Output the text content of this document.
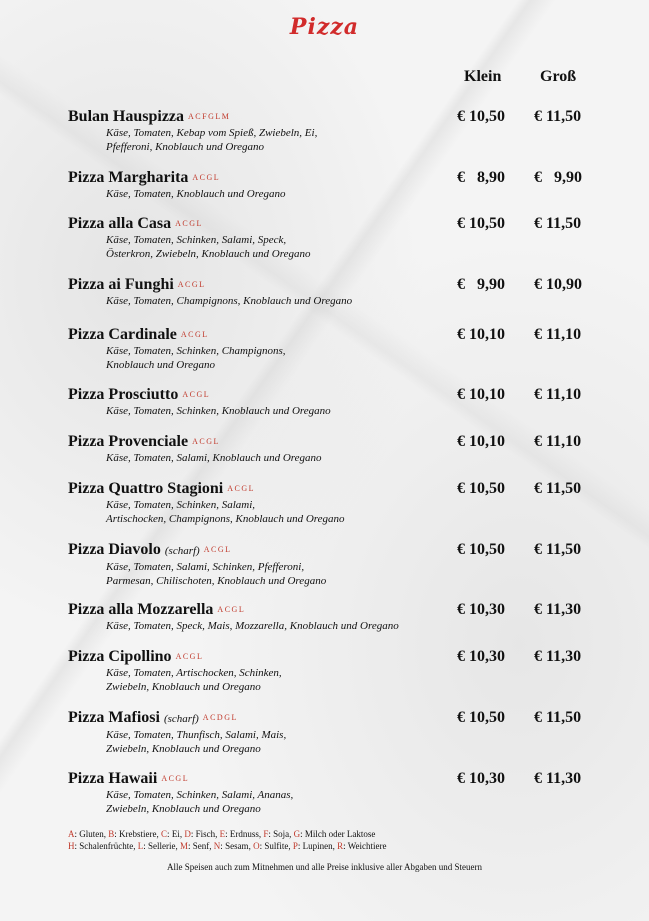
Pizza
Klein Groß
Bulan Hauspizza $^{ACFGLM}$
Käse, Tomaten, Kebap vom Spieß, Zwiebeln, Ei,
Pfefferoni, Knoblauch und Oregano
€ 10,50 € 11,50
Pizza Margharita $^{ACGL}$
Käse, Tomaten, Knoblauch und Oregano
€   8,90 €   9,90
Pizza alla Casa $^{ACGL}$
Käse, Tomaten, Schinken, Salami, Speck,
Österkron, Zwiebeln, Knoblauch und Oregano
€ 10,50 € 11,50
Pizza ai Funghi $^{ACGL}$
Käse, Tomaten, Champignons, Knoblauch und Oregano
€   9,90 € 10,90
Pizza Cardinale $^{ACGL}$
Käse, Tomaten, Schinken, Champignons,
Knoblauch und Oregano
€ 10,10 € 11,10
Pizza Prosciutto $^{ACGL}$
Käse, Tomaten, Schinken, Knoblauch und Oregano
€ 10,10 € 11,10
Pizza Provenciale $^{ACGL}$
Käse, Tomaten, Salami, Knoblauch und Oregano
€ 10,10 € 11,10
Pizza Quattro Stagioni $^{ACGL}$
Käse, Tomaten, Schinken, Salami,
Artischocken, Champignons, Knoblauch und Oregano
€ 10,50 € 11,50
Pizza Diavolo (scharf) $^{ACGL}$
Käse, Tomaten, Salami, Schinken, Pfefferoni,
Parmesan, Chilischoten, Knoblauch und Oregano
€ 10,50 € 11,50
Pizza alla Mozzarella $^{ACGL}$
Käse, Tomaten, Speck, Mais, Mozzarella, Knoblauch und Oregano
€ 10,30 € 11,30
Pizza Cipollino $^{ACGL}$
Käse, Tomaten, Artischocken, Schinken,
Zwiebeln, Knoblauch und Oregano
€ 10,30 € 11,30
Pizza Mafiosi (scharf) $^{ACDGL}$
Käse, Tomaten, Thunfisch, Salami, Mais,
Zwiebeln, Knoblauch und Oregano
€ 10,50 € 11,50
Pizza Hawaii $^{ACGL}$
Käse, Tomaten, Schinken, Salami, Ananas,
Zwiebeln, Knoblauch und Oregano
€ 10,30 € 11,30
A: Gluten, B: Krebstiere, C: Ei, D: Fisch, E: Erdnuss, F: Soja, G: Milch oder Laktose
H: Schalenfrüchte, L: Sellerie, M: Senf, N: Sesam, O: Sulfite, P: Lupinen, R: Weichtiere
Alle Speisen auch zum Mitnehmen und alle Preise inklusive aller Abgaben und Steuern
